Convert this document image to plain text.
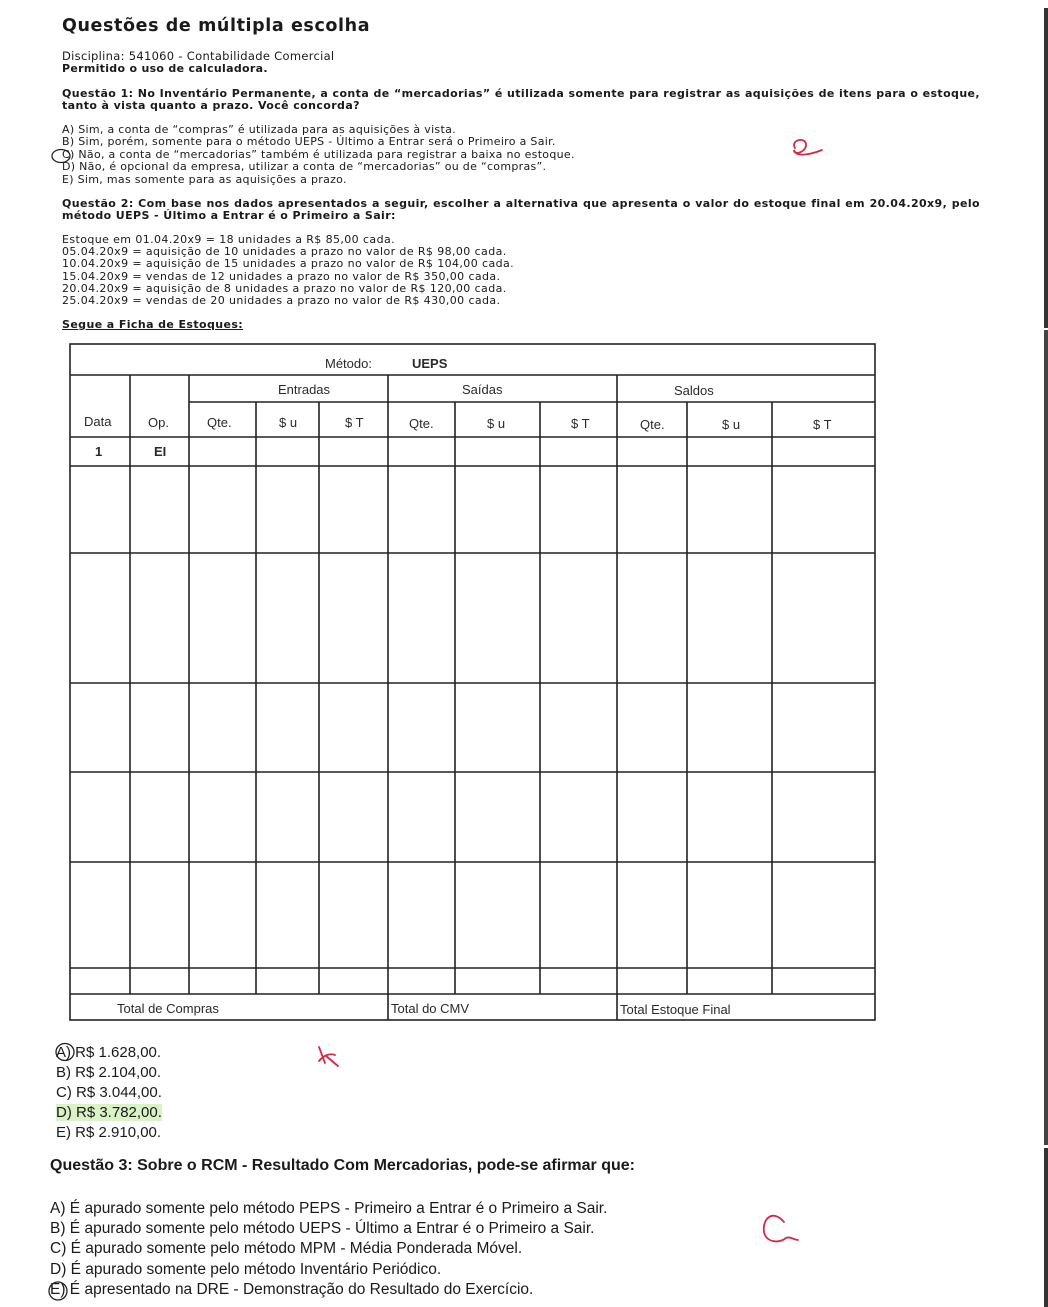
Questões de múltipla escolha
Disciplina: 541060 - Contabilidade Comercial
Permitido o uso de calculadora.
Questão 1: No Inventário Permanente, a conta de “mercadorias” é utilizada somente para registrar as aquisições de itens para o estoque, tanto à vista quanto a prazo. Você concorda?
A) Sim, a conta de “compras” é utilizada para as aquisições à vista.
B) Sim, porém, somente para o método UEPS - Último a Entrar será o Primeiro a Sair.
C) Não, a conta de “mercadorias” também é utilizada para registrar a baixa no estoque.
D) Não, é opcional da empresa, utilizar a conta de “mercadorias” ou de “compras”.
E) Sim, mas somente para as aquisições a prazo.
Questão 2: Com base nos dados apresentados a seguir, escolher a alternativa que apresenta o valor do estoque final em 20.04.20x9, pelo método UEPS - Último a Entrar é o Primeiro a Sair:
Estoque em 01.04.20x9 = 18 unidades a R$ 85,00 cada.
05.04.20x9 = aquisição de 10 unidades a prazo no valor de R$ 98,00 cada.
10.04.20x9 = aquisição de 15 unidades a prazo no valor de R$ 104,00 cada.
15.04.20x9 = vendas de 12 unidades a prazo no valor de R$ 350,00 cada.
20.04.20x9 = aquisição de 8 unidades a prazo no valor de R$ 120,00 cada.
25.04.20x9 = vendas de 20 unidades a prazo no valor de R$ 430,00 cada.
Segue a Ficha de Estoques:
Método:	UEPS
Entradas	Saídas	Saldos
Data	Op.	Qte.	$ u	$ T	Qte.	$ u	$ T	Qte.	$ u	$ T
1	EI
Total de Compras	Total do CMV	Total Estoque Final
A) R$ 1.628,00.
B) R$ 2.104,00.
C) R$ 3.044,00.
D) R$ 3.782,00.
E) R$ 2.910,00.
Questão 3: Sobre o RCM - Resultado Com Mercadorias, pode-se afirmar que:
A) É apurado somente pelo método PEPS - Primeiro a Entrar é o Primeiro a Sair.
B) É apurado somente pelo método UEPS - Último a Entrar é o Primeiro a Sair.
C) É apurado somente pelo método MPM - Média Ponderada Móvel.
D) É apurado somente pelo método Inventário Periódico.
E) É apresentado na DRE - Demonstração do Resultado do Exercício.
